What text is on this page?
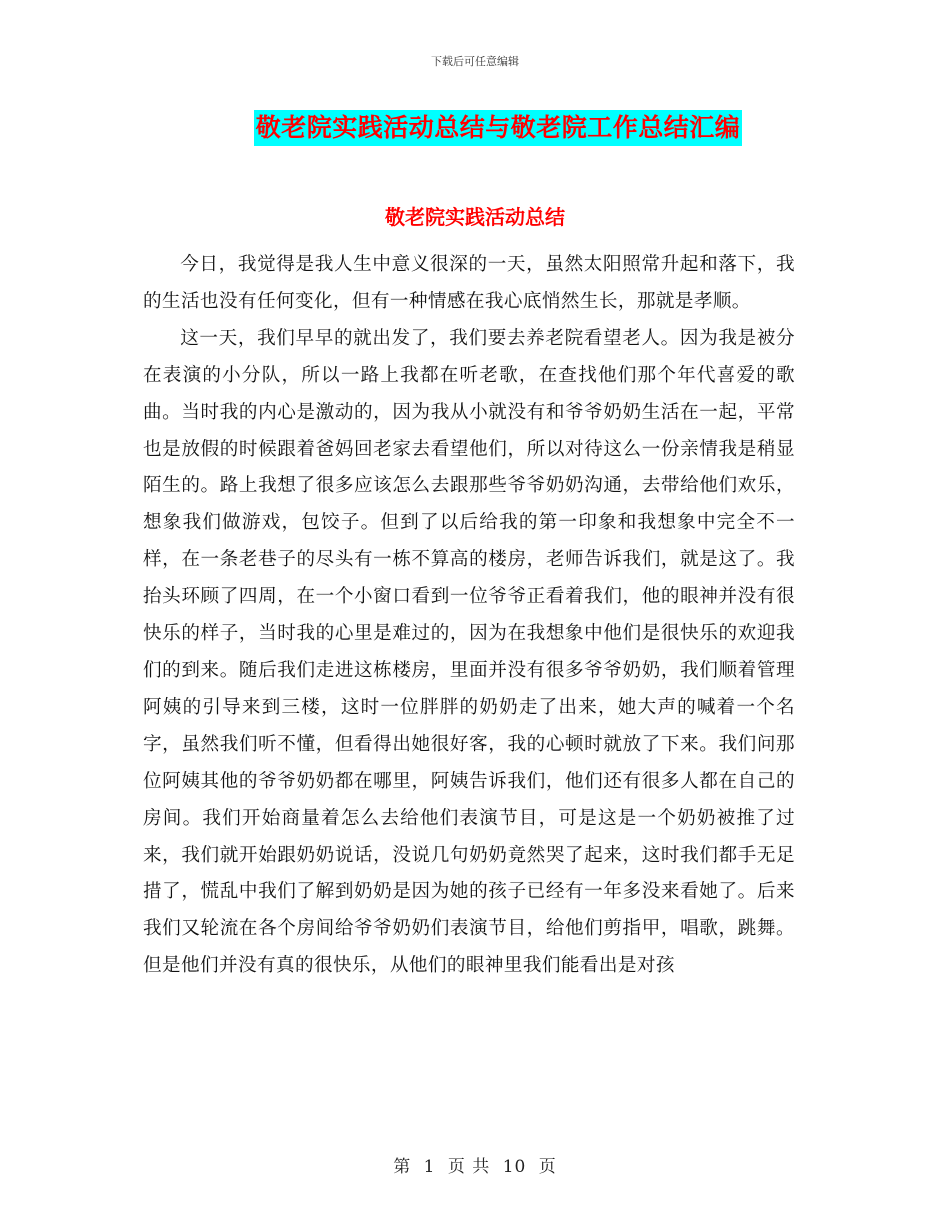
下载后可任意编辑
敬老院实践活动总结与敬老院工作总结汇编
敬老院实践活动总结

今日，我觉得是我人生中意义很深的一天，虽然太阳照常升起和落下，我的生活也没有任何变化，但有一种情感在我心底悄然生长，那就是孝顺。

这一天，我们早早的就出发了，我们要去养老院看望老人。因为我是被分在表演的小分队，所以一路上我都在听老歌，在查找他们那个年代喜爱的歌曲。当时我的内心是激动的，因为我从小就没有和爷爷奶奶生活在一起，平常也是放假的时候跟着爸妈回老家去看望他们，所以对待这么一份亲情我是稍显陌生的。路上我想了很多应该怎么去跟那些爷爷奶奶沟通，去带给他们欢乐，想象我们做游戏，包饺子。但到了以后给我的第一印象和我想象中完全不一样，在一条老巷子的尽头有一栋不算高的楼房，老师告诉我们，就是这了。我抬头环顾了四周，在一个小窗口看到一位爷爷正看着我们，他的眼神并没有很快乐的样子，当时我的心里是难过的，因为在我想象中他们是很快乐的欢迎我们的到来。随后我们走进这栋楼房，里面并没有很多爷爷奶奶，我们顺着管理阿姨的引导来到三楼，这时一位胖胖的奶奶走了出来，她大声的喊着一个名字，虽然我们听不懂，但看得出她很好客，我的心顿时就放了下来。我们问那位阿姨其他的爷爷奶奶都在哪里，阿姨告诉我们，他们还有很多人都在自己的房间。我们开始商量着怎么去给他们表演节目，可是这是一个奶奶被推了过来，我们就开始跟奶奶说话，没说几句奶奶竟然哭了起来，这时我们都手无足措了，慌乱中我们了解到奶奶是因为她的孩子已经有一年多没来看她了。后来我们又轮流在各个房间给爷爷奶奶们表演节目，给他们剪指甲，唱歌，跳舞。但是他们并没有真的很快乐，从他们的眼神里我们能看出是对孩

第 1 页 共 10 页
